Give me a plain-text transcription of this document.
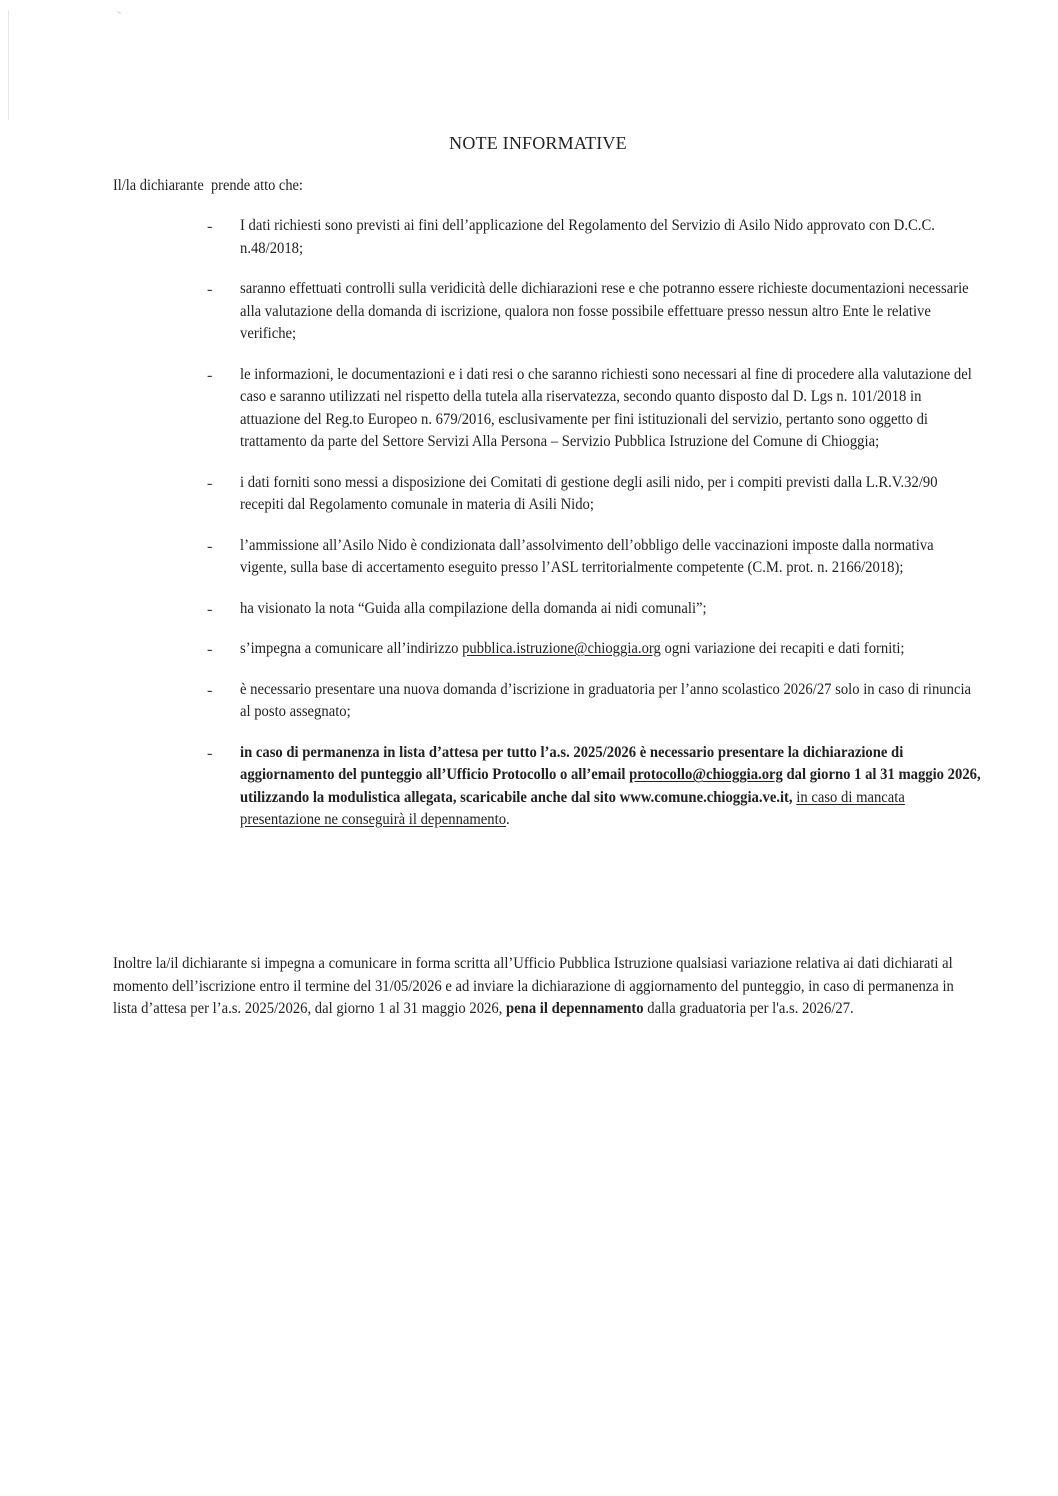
NOTE INFORMATIVE
Il/la dichiarante  prende atto che:
- I dati richiesti sono previsti ai fini dell’applicazione del Regolamento del Servizio di Asilo Nido approvato con D.C.C. n.48/2018;
- saranno effettuati controlli sulla veridicità delle dichiarazioni rese e che potranno essere richieste documentazioni necessarie alla valutazione della domanda di iscrizione, qualora non fosse possibile effettuare presso nessun altro Ente le relative verifiche;
- le informazioni, le documentazioni e i dati resi o che saranno richiesti sono necessari al fine di procedere alla valutazione del caso e saranno utilizzati nel rispetto della tutela alla riservatezza, secondo quanto disposto dal D. Lgs n. 101/2018 in attuazione del Reg.to Europeo n. 679/2016, esclusivamente per fini istituzionali del servizio, pertanto sono oggetto di trattamento da parte del Settore Servizi Alla Persona – Servizio Pubblica Istruzione del Comune di Chioggia;
- i dati forniti sono messi a disposizione dei Comitati di gestione degli asili nido, per i compiti previsti dalla L.R.V.32/90 recepiti dal Regolamento comunale in materia di Asili Nido;
- l’ammissione all’Asilo Nido è condizionata dall’assolvimento dell’obbligo delle vaccinazioni imposte dalla normativa vigente, sulla base di accertamento eseguito presso l’ASL territorialmente competente (C.M. prot. n. 2166/2018);
- ha visionato la nota “Guida alla compilazione della domanda ai nidi comunali”;
- s’impegna a comunicare all’indirizzo pubblica.istruzione@chioggia.org ogni variazione dei recapiti e dati forniti;
- è necessario presentare una nuova domanda d’iscrizione in graduatoria per l’anno scolastico 2026/27 solo in caso di rinuncia al posto assegnato;
- in caso di permanenza in lista d’attesa per tutto l’a.s. 2025/2026 è necessario presentare la dichiarazione di aggiornamento del punteggio all’Ufficio Protocollo o all’email protocollo@chioggia.org dal giorno 1 al 31 maggio 2026, utilizzando la modulistica allegata, scaricabile anche dal sito www.comune.chioggia.ve.it, in caso di mancata presentazione ne conseguirà il depennamento.
Inoltre la/il dichiarante si impegna a comunicare in forma scritta all’Ufficio Pubblica Istruzione qualsiasi variazione relativa ai dati dichiarati al momento dell’iscrizione entro il termine del 31/05/2026 e ad inviare la dichiarazione di aggiornamento del punteggio, in caso di permanenza in lista d’attesa per l’a.s. 2025/2026, dal giorno 1 al 31 maggio 2026, pena il depennamento dalla graduatoria per l'a.s. 2026/27.
